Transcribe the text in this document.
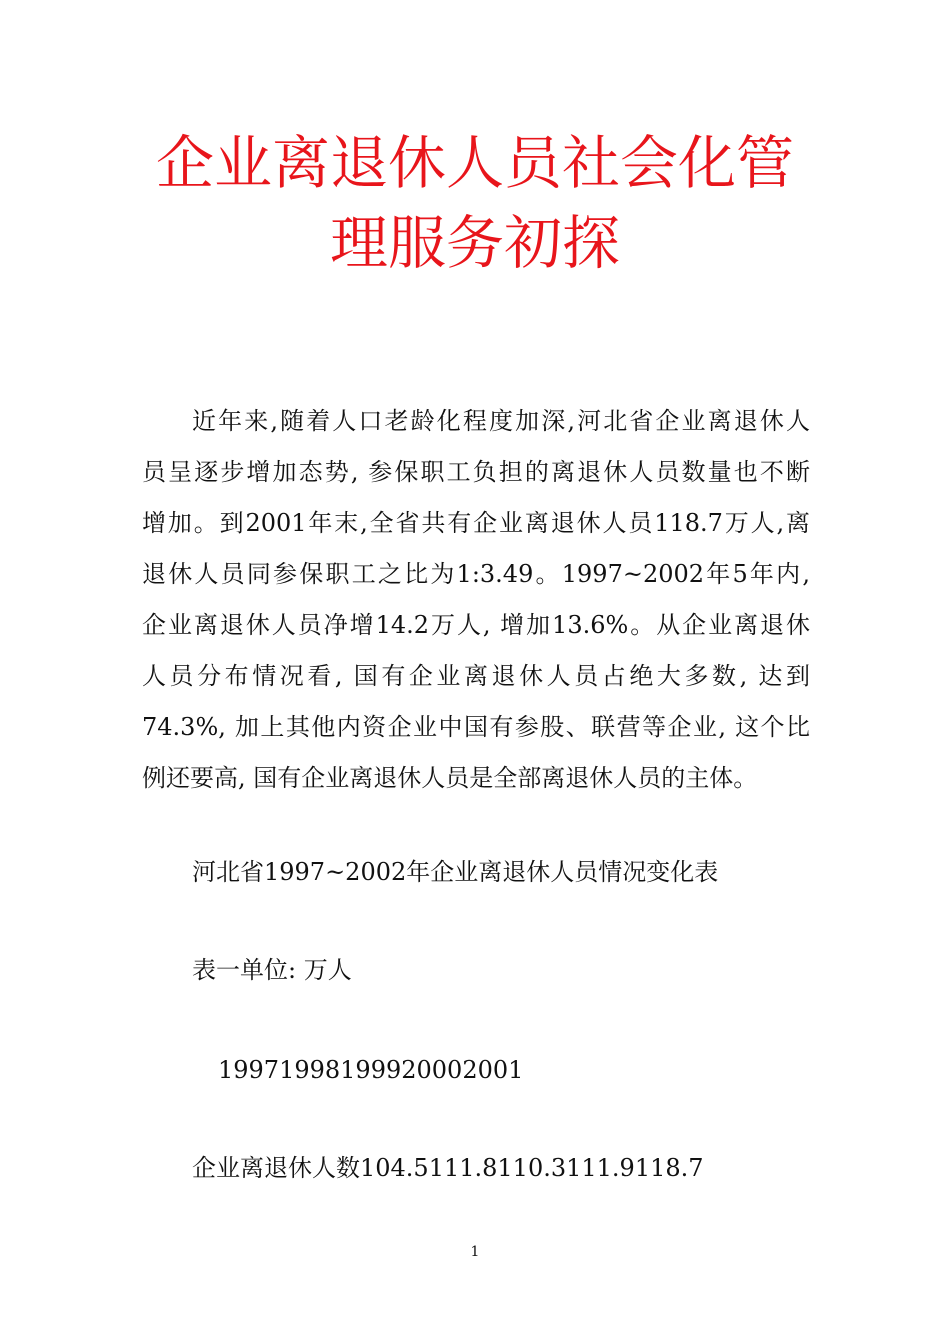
企业离退休人员社会化管
理服务初探
近年来,随着人口老龄化程度加深,河北省企业离退休人
员呈逐步增加态势, 参保职工负担的离退休人员数量也不断
增加。到2001年末,全省共有企业离退休人员118.7万人,离
退休人员同参保职工之比为1:3.49。1997~2002年5年内,
企业离退休人员净增14.2万人, 增加13.6%。从企业离退休
人员分布情况看, 国有企业离退休人员占绝大多数, 达到
74.3%, 加上其他内资企业中国有参股、联营等企业, 这个比
例还要高, 国有企业离退休人员是全部离退休人员的主体。

河北省1997~2002年企业离退休人员情况变化表

表一单位: 万人

19971998199920002001

企业离退休人数104.5111.8110.3111.9118.7

1
